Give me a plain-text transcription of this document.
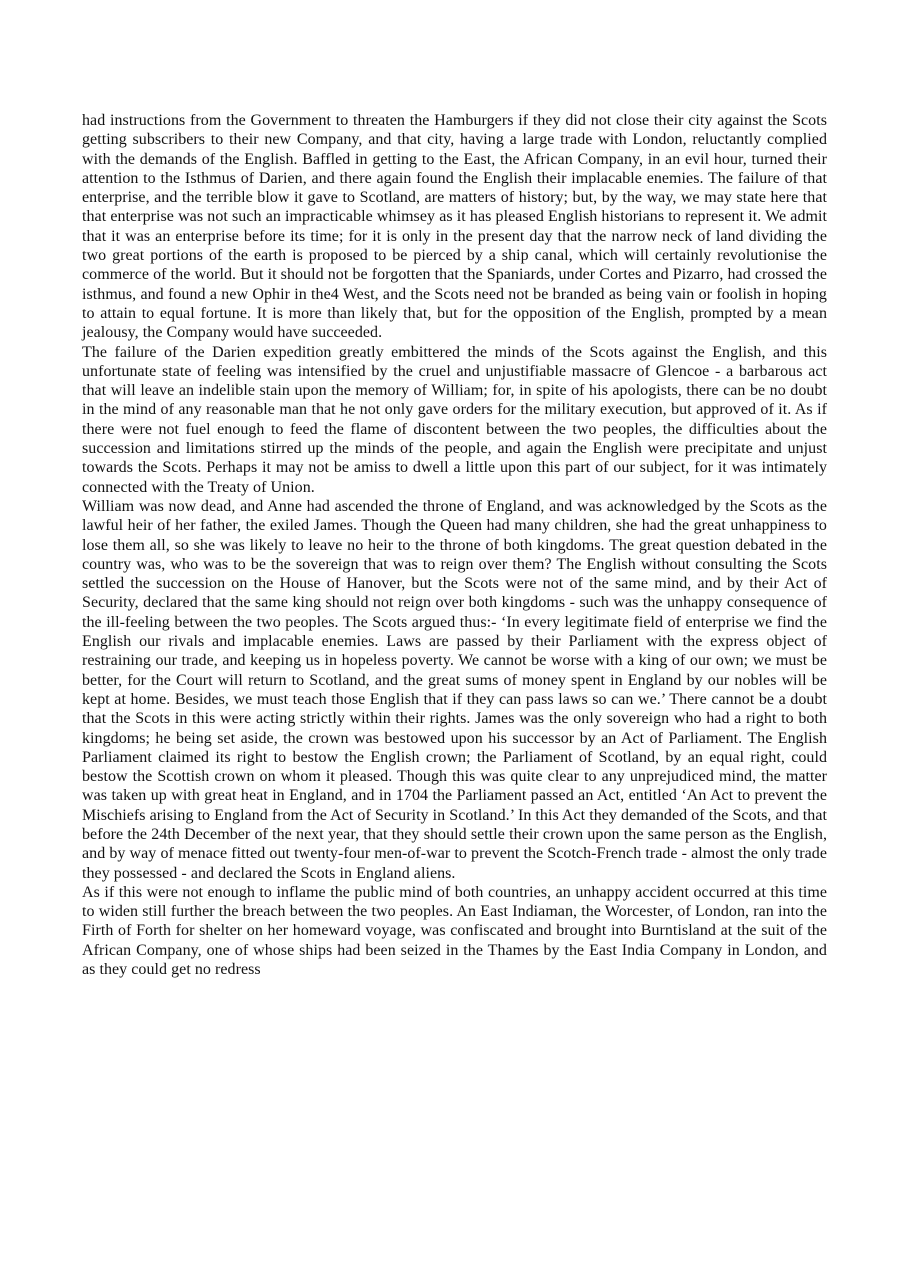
had instructions from the Government to threaten the Hamburgers if they did not close their city against the Scots getting subscribers to their new Company, and that city, having a large trade with London, reluctantly complied with the demands of the English. Baffled in getting to the East, the African Company, in an evil hour, turned their attention to the Isthmus of Darien, and there again found the English their implacable enemies. The failure of that enterprise, and the terrible blow it gave to Scotland, are matters of history; but, by the way, we may state here that that enterprise was not such an impracticable whimsey as it has pleased English historians to represent it. We admit that it was an enterprise before its time; for it is only in the present day that the narrow neck of land dividing the two great portions of the earth is proposed to be pierced by a ship canal, which will certainly revolutionise the commerce of the world. But it should not be forgotten that the Spaniards, under Cortes and Pizarro, had crossed the isthmus, and found a new Ophir in the4 West, and the Scots need not be branded as being vain or foolish in hoping to attain to equal fortune. It is more than likely that, but for the opposition of the English, prompted by a mean jealousy, the Company would have succeeded.

The failure of the Darien expedition greatly embittered the minds of the Scots against the English, and this unfortunate state of feeling was intensified by the cruel and unjustifiable massacre of Glencoe - a barbarous act that will leave an indelible stain upon the memory of William; for, in spite of his apologists, there can be no doubt in the mind of any reasonable man that he not only gave orders for the military execution, but approved of it. As if there were not fuel enough to feed the flame of discontent between the two peoples, the difficulties about the succession and limitations stirred up the minds of the people, and again the English were precipitate and unjust towards the Scots. Perhaps it may not be amiss to dwell a little upon this part of our subject, for it was intimately connected with the Treaty of Union.

William was now dead, and Anne had ascended the throne of England, and was acknowledged by the Scots as the lawful heir of her father, the exiled James. Though the Queen had many children, she had the great unhappiness to lose them all, so she was likely to leave no heir to the throne of both kingdoms. The great question debated in the country was, who was to be the sovereign that was to reign over them? The English without consulting the Scots settled the succession on the House of Hanover, but the Scots were not of the same mind, and by their Act of Security, declared that the same king should not reign over both kingdoms - such was the unhappy consequence of the ill-feeling between the two peoples. The Scots argued thus:- ‘In every legitimate field of enterprise we find the English our rivals and implacable enemies. Laws are passed by their Parliament with the express object of restraining our trade, and keeping us in hopeless poverty. We cannot be worse with a king of our own; we must be better, for the Court will return to Scotland, and the great sums of money spent in England by our nobles will be kept at home. Besides, we must teach those English that if they can pass laws so can we.’ There cannot be a doubt that the Scots in this were acting strictly within their rights. James was the only sovereign who had a right to both kingdoms; he being set aside, the crown was bestowed upon his successor by an Act of Parliament. The English Parliament claimed its right to bestow the English crown; the Parliament of Scotland, by an equal right, could bestow the Scottish crown on whom it pleased. Though this was quite clear to any unprejudiced mind, the matter was taken up with great heat in England, and in 1704 the Parliament passed an Act, entitled ‘An Act to prevent the Mischiefs arising to England from the Act of Security in Scotland.’ In this Act they demanded of the Scots, and that before the 24th December of the next year, that they should settle their crown upon the same person as the English, and by way of menace fitted out twenty-four men-of-war to prevent the Scotch-French trade - almost the only trade they possessed - and declared the Scots in England aliens.

As if this were not enough to inflame the public mind of both countries, an unhappy accident occurred at this time to widen still further the breach between the two peoples. An East Indiaman, the Worcester, of London, ran into the Firth of Forth for shelter on her homeward voyage, was confiscated and brought into Burntisland at the suit of the African Company, one of whose ships had been seized in the Thames by the East India Company in London, and as they could get no redress
